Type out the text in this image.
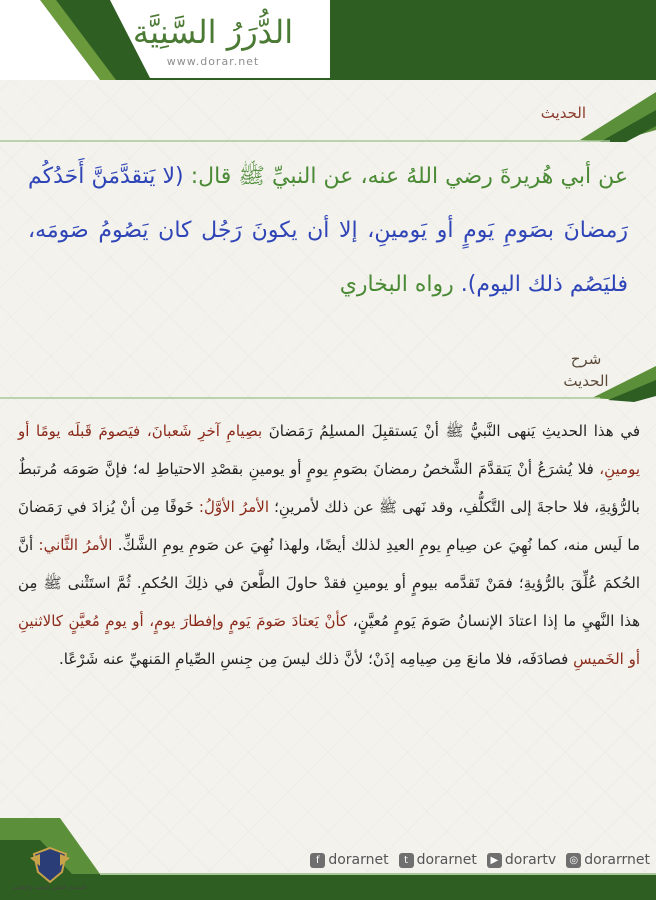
الدُّرَرُ السَّنِيَّة
www.dorar.net
الحديث
عن أبي هُريرةَ رضي اللهُ عنه، عن النبيِّ ﷺ قال: (لا يَتقدَّمَنَّ أَحَدُكُم رَمضانَ بصَومِ يَومٍ أو يَومينِ، إلا أن يكونَ رَجُل كان يَصُومُ صَومَه، فليَصُم ذلك اليوم). رواه البخاري
شرح
الحديث
في هذا الحديثِ يَنهى النَّبيُّ ﷺ أنْ يَستقبِلَ المسلِمُ رَمَضانَ بصِيامِ آخرِ شَعبانَ، فيَصومَ قَبلَه يومًا أو يومينِ، فلا يُشرَعُ أنْ يَتقدَّمَ الشَّخصُ رمضانَ بصَومِ يومٍ أو يومينِ بقصْدِ الاحتياطِ له؛ فإنَّ صَومَه مُرتبطٌ بالرُّؤيةِ، فلا حاجةَ إلى التَّكلُّفِ، وقد نَهى ﷺ عن ذلك لأمرينِ؛ الأمرُ الأوَّلُ: خَوفًا مِن أنْ يُزادَ في رَمَضانَ ما لَيس منه، كما نُهِيَ عن صِيامِ يومِ العيدِ لذلك أيضًا، ولهذا نُهِيَ عن صَومِ يومِ الشَّكِّ. الأمرُ الثَّاني: أنَّ الحُكمَ عُلِّقَ بالرُّؤيةِ؛ فمَنْ تَقدَّمه بيومٍ أو يومينِ فقدْ حاولَ الطَّعنَ في ذلِكَ الحُكمِ. ثُمَّ استَثْنى ﷺ مِن هذا النَّهيِ ما إذا اعتادَ الإنسانُ صَومَ يَومٍ مُعيَّنٍ، كأنْ يَعتادَ صَومَ يَومٍ وإفطارَ يومٍ، أو يومٍ مُعيَّنٍ كالاثنينِ أو الخَميسِ فصادَفَه، فلا مانعَ مِن صِيامِه إذَنْ؛ لأنَّ ذلك ليسَ مِن جِنسِ الصِّيامِ المَنهيِّ عنه شَرْعًا.
المنتدى الطبي للبحث والتعليم
f dorarnet	t dorarnet	▶ dorartv	◎ dorarrnet
